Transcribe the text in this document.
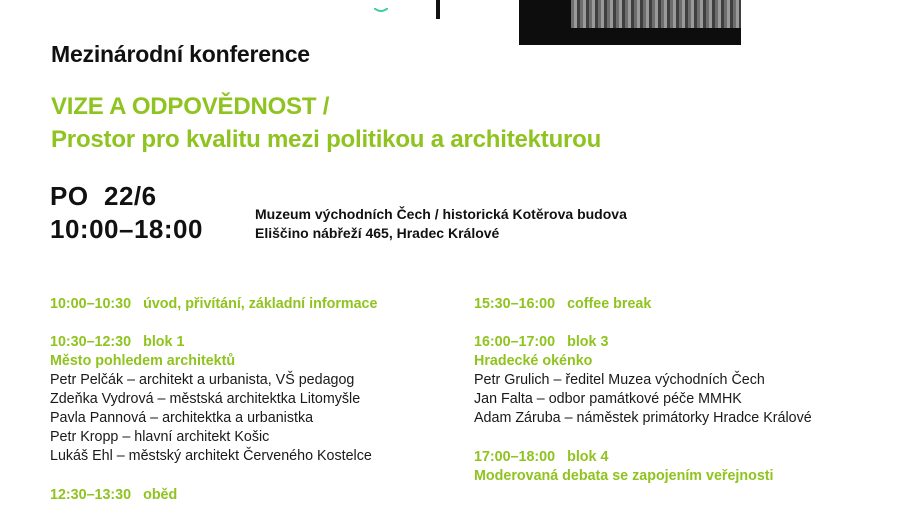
Mezinárodní konference
VIZE A ODPOVĚDNOST /
Prostor pro kvalitu mezi politikou a architekturou
PO  22/6
10:00–18:00	Muzeum východních Čech / historická Kotěrova budova
Eliščino nábřeží 465, Hradec Králové
10:00–10:30 úvod, přivítání, základní informace
10:30–12:30 blok 1
Město pohledem architektů
Petr Pelčák – architekt a urbanista, VŠ pedagog
Zdeňka Vydrová – městská architektka Litomyšle
Pavla Pannová – architektka a urbanistka
Petr Kropp – hlavní architekt Košic
Lukáš Ehl – městský architekt Červeného Kostelce
12:30–13:30 oběd
15:30–16:00 coffee break
16:00–17:00 blok 3
Hradecké okénko
Petr Grulich – ředitel Muzea východních Čech
Jan Falta – odbor památkové péče MMHK
Adam Záruba – náměstek primátorky Hradce Králové
17:00–18:00 blok 4
Moderovaná debata se zapojením veřejnosti
